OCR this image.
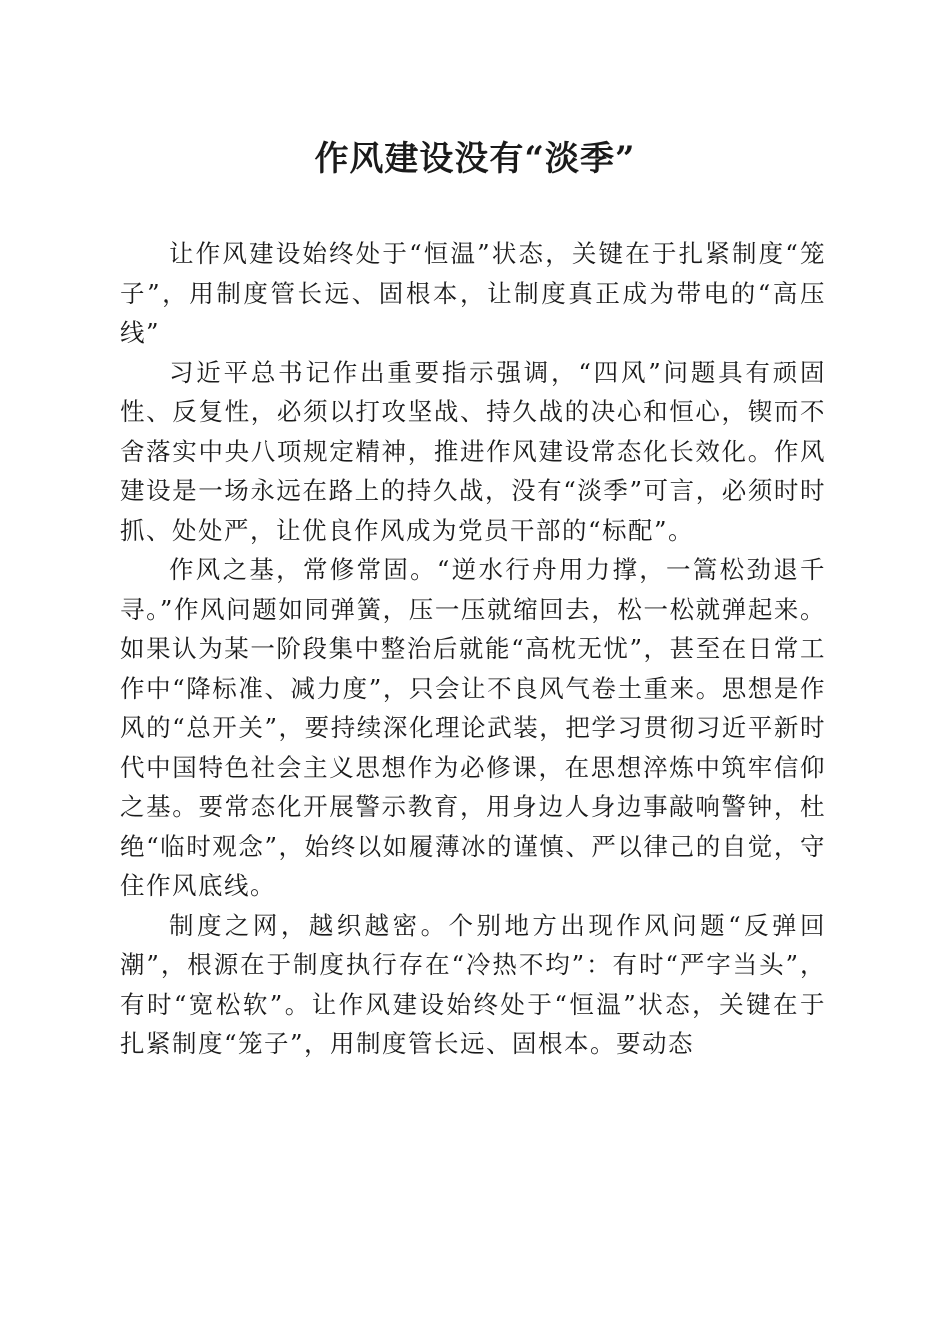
作风建设没有“淡季”

让作风建设始终处于“恒温”状态，关键在于扎紧制度“笼子”，用制度管长远、固根本，让制度真正成为带电的“高压线”

习近平总书记作出重要指示强调，“四风”问题具有顽固性、反复性，必须以打攻坚战、持久战的决心和恒心，锲而不舍落实中央八项规定精神，推进作风建设常态化长效化。作风建设是一场永远在路上的持久战，没有“淡季”可言，必须时时抓、处处严，让优良作风成为党员干部的“标配”。

作风之基，常修常固。“逆水行舟用力撑，一篙松劲退千寻。”作风问题如同弹簧，压一压就缩回去，松一松就弹起来。如果认为某一阶段集中整治后就能“高枕无忧”，甚至在日常工作中“降标准、减力度”，只会让不良风气卷土重来。思想是作风的“总开关”，要持续深化理论武装，把学习贯彻习近平新时代中国特色社会主义思想作为必修课，在思想淬炼中筑牢信仰之基。要常态化开展警示教育，用身边人身边事敲响警钟，杜绝“临时观念”，始终以如履薄冰的谨慎、严以律己的自觉，守住作风底线。

制度之网，越织越密。个别地方出现作风问题“反弹回潮”，根源在于制度执行存在“冷热不均”：有时“严字当头”，有时“宽松软”。让作风建设始终处于“恒温”状态，关键在于扎紧制度“笼子”，用制度管长远、固根本。要动态
